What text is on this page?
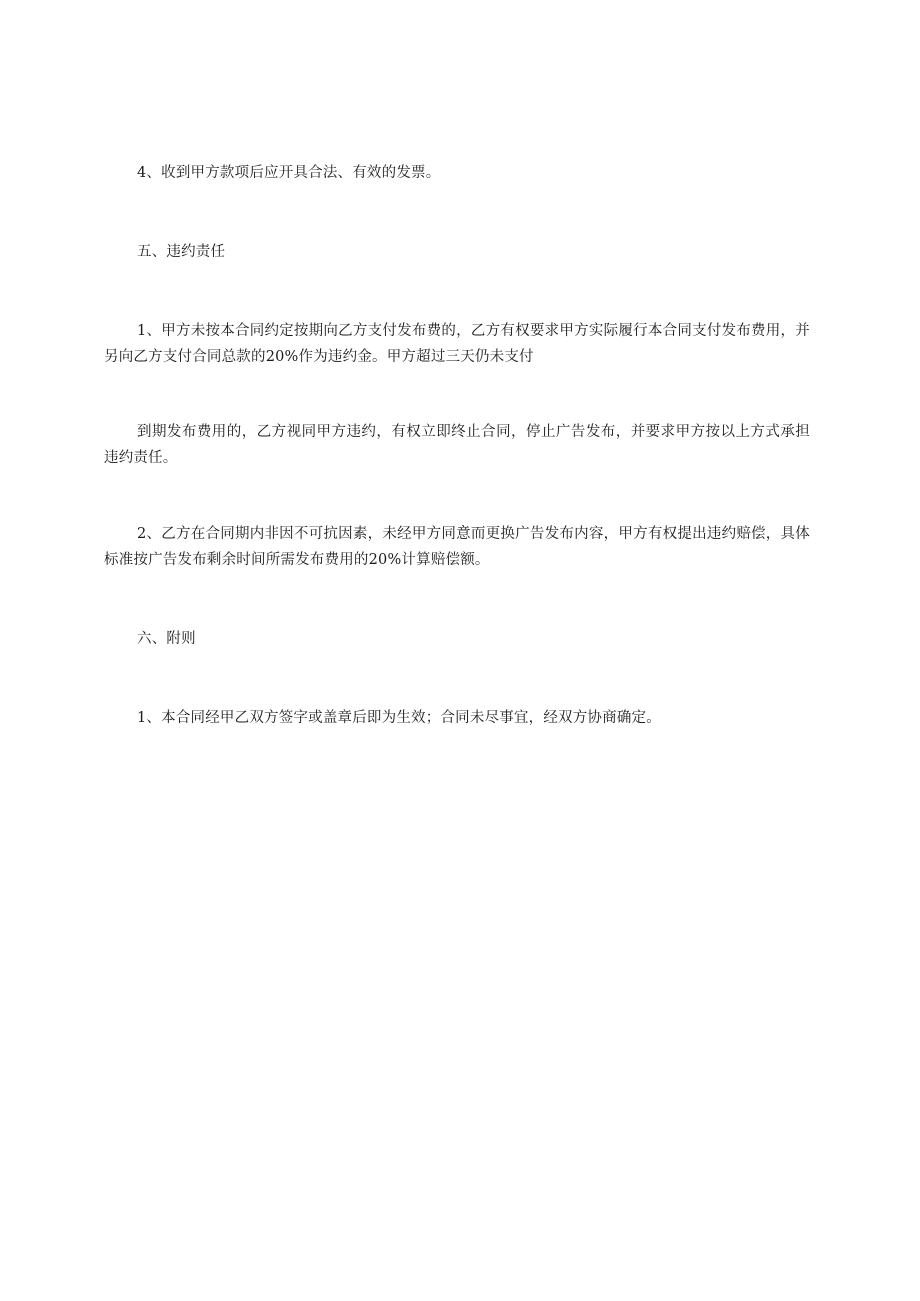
4、收到甲方款项后应开具合法、有效的发票。

五、违约责任

1、甲方未按本合同约定按期向乙方支付发布费的，乙方有权要求甲方实际履行本合同支付发布费用，并另向乙方支付合同总款的20%作为违约金。甲方超过三天仍未支付

到期发布费用的，乙方视同甲方违约，有权立即终止合同，停止广告发布，并要求甲方按以上方式承担违约责任。

2、乙方在合同期内非因不可抗因素，未经甲方同意而更换广告发布内容，甲方有权提出违约赔偿，具体标准按广告发布剩余时间所需发布费用的20%计算赔偿额。

六、附则

1、本合同经甲乙双方签字或盖章后即为生效；合同未尽事宜，经双方协商确定。
